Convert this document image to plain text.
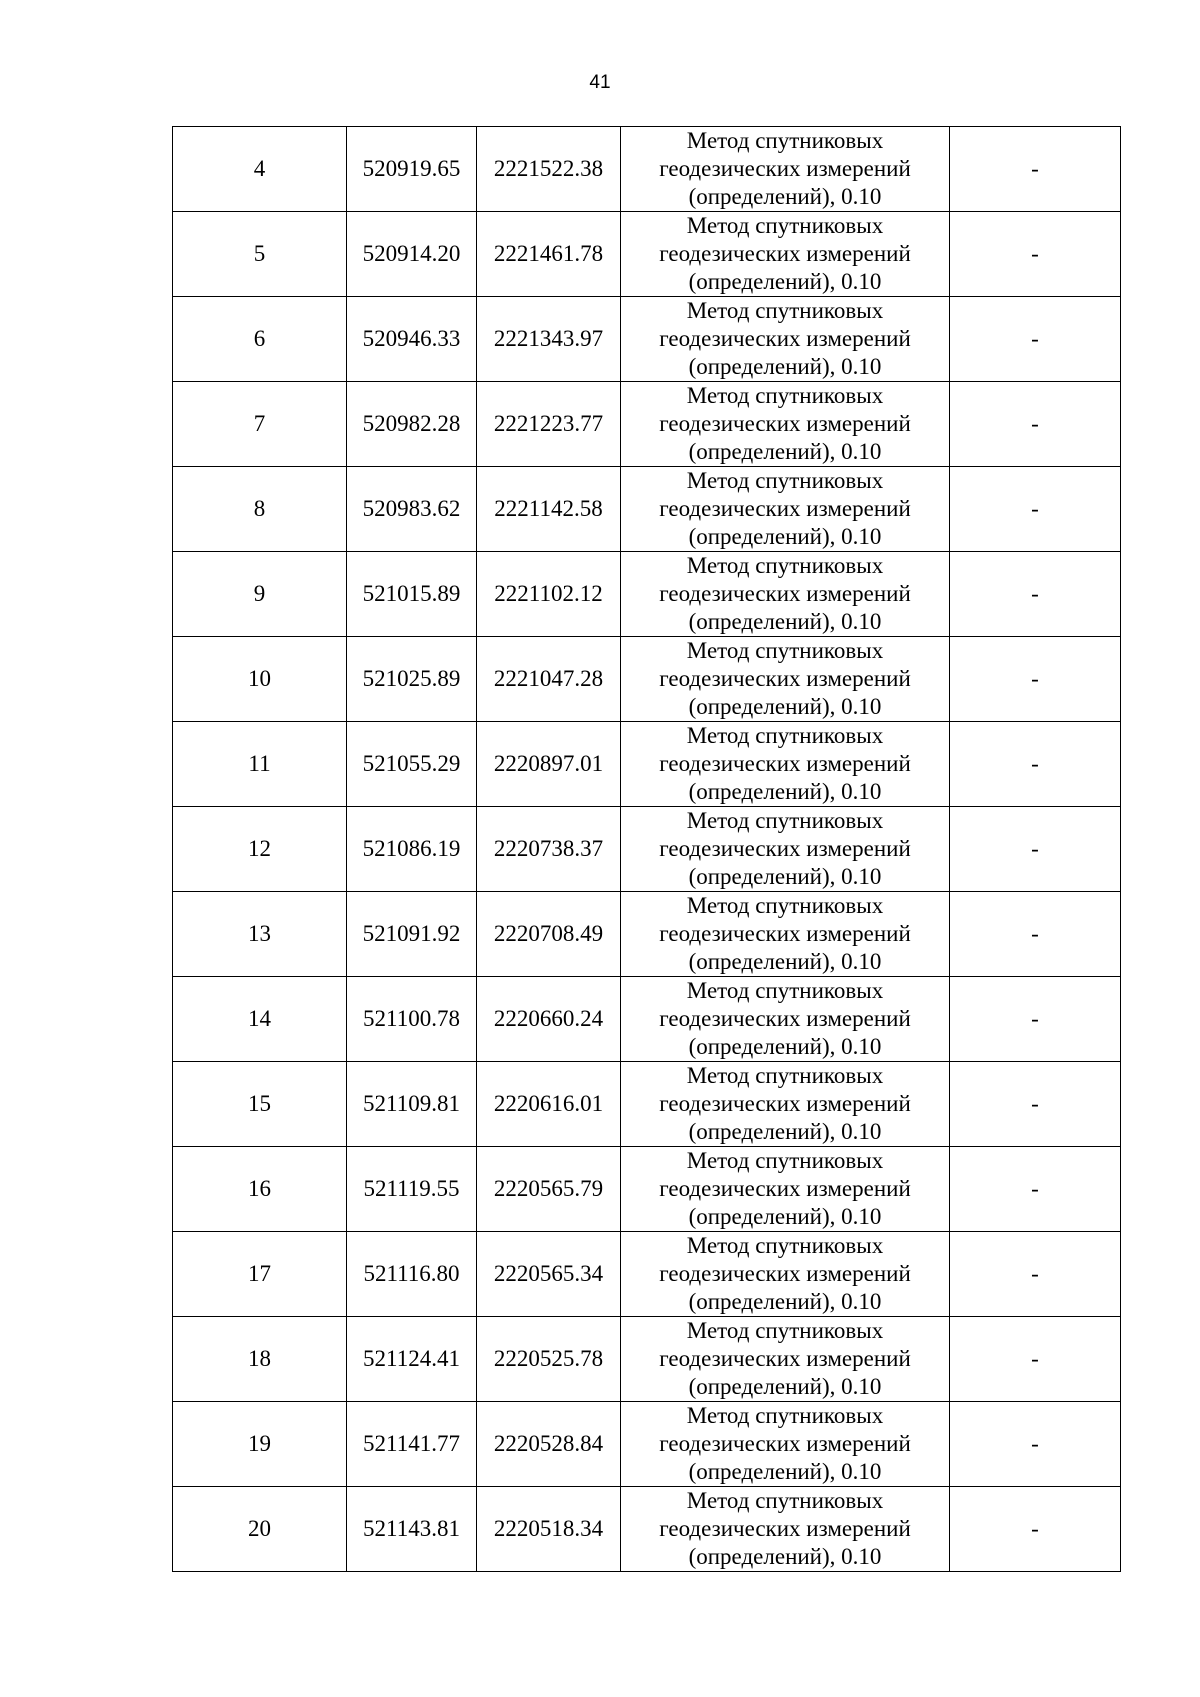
41
4	520919.65	2221522.38	Метод спутниковых
геодезических измерений
(определений), 0.10	-
5	520914.20	2221461.78	Метод спутниковых
геодезических измерений
(определений), 0.10	-
6	520946.33	2221343.97	Метод спутниковых
геодезических измерений
(определений), 0.10	-
7	520982.28	2221223.77	Метод спутниковых
геодезических измерений
(определений), 0.10	-
8	520983.62	2221142.58	Метод спутниковых
геодезических измерений
(определений), 0.10	-
9	521015.89	2221102.12	Метод спутниковых
геодезических измерений
(определений), 0.10	-
10	521025.89	2221047.28	Метод спутниковых
геодезических измерений
(определений), 0.10	-
11	521055.29	2220897.01	Метод спутниковых
геодезических измерений
(определений), 0.10	-
12	521086.19	2220738.37	Метод спутниковых
геодезических измерений
(определений), 0.10	-
13	521091.92	2220708.49	Метод спутниковых
геодезических измерений
(определений), 0.10	-
14	521100.78	2220660.24	Метод спутниковых
геодезических измерений
(определений), 0.10	-
15	521109.81	2220616.01	Метод спутниковых
геодезических измерений
(определений), 0.10	-
16	521119.55	2220565.79	Метод спутниковых
геодезических измерений
(определений), 0.10	-
17	521116.80	2220565.34	Метод спутниковых
геодезических измерений
(определений), 0.10	-
18	521124.41	2220525.78	Метод спутниковых
геодезических измерений
(определений), 0.10	-
19	521141.77	2220528.84	Метод спутниковых
геодезических измерений
(определений), 0.10	-
20	521143.81	2220518.34	Метод спутниковых
геодезических измерений
(определений), 0.10	-
